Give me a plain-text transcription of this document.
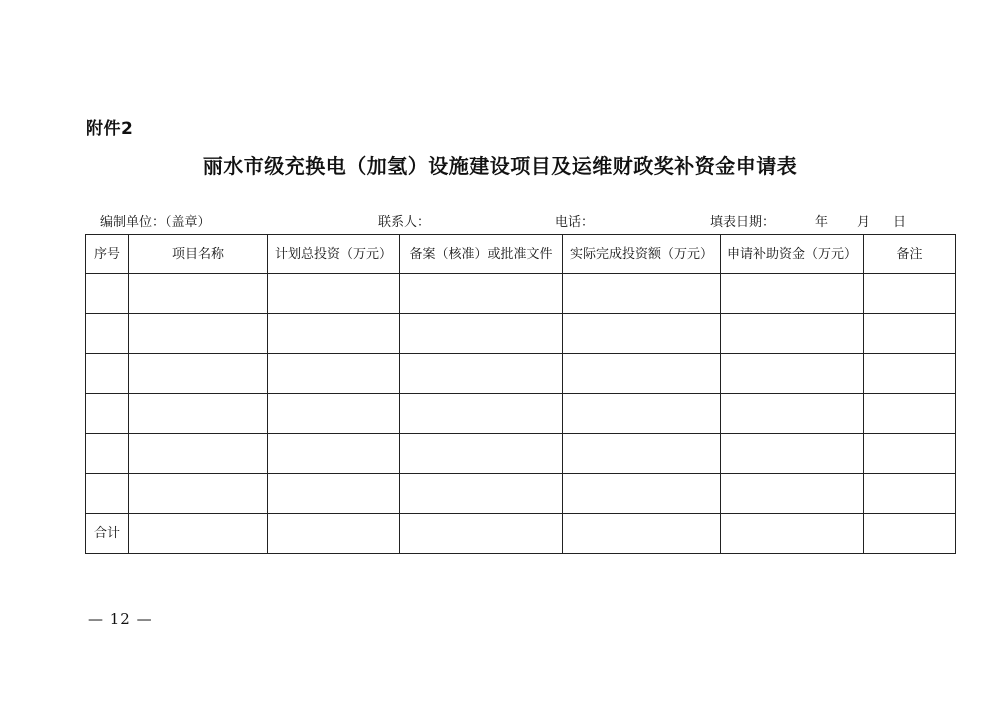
附件2
丽水市级充换电（加氢）设施建设项目及运维财政奖补资金申请表
编制单位：（盖章）	联系人：	电话：	填表日期：	年 月 日
序号	项目名称	计划总投资（万元）	备案（核准）或批准文件	实际完成投资额（万元）	申请补助资金（万元）	备注

合计						
— 12 —
